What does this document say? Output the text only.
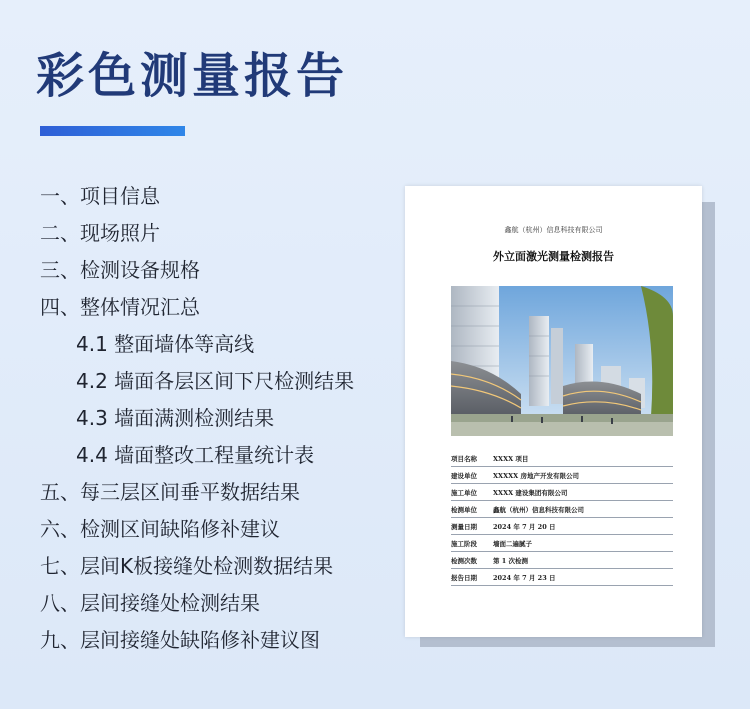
彩色测量报告
一、项目信息
二、现场照片
三、检测设备规格
四、整体情况汇总
4.1 整面墙体等高线
4.2 墙面各层区间下尺检测结果
4.3 墙面满测检测结果
4.4 墙面整改工程量统计表
五、每三层区间垂平数据结果
六、检测区间缺陷修补建议
七、层间K板接缝处检测数据结果
八、层间接缝处检测结果
九、层间接缝处缺陷修补建议图
鑫航（杭州）信息科技有限公司
外立面激光测量检测报告
项目名称	XXXX 项目
建设单位	XXXXX 房地产开发有限公司
施工单位	XXXX 建设集团有限公司
检测单位	鑫航（杭州）信息科技有限公司
测量日期	2024 年 7 月 20 日
施工阶段	墙面二遍腻子
检测次数	第 1 次检测
报告日期	2024 年 7 月 23 日
